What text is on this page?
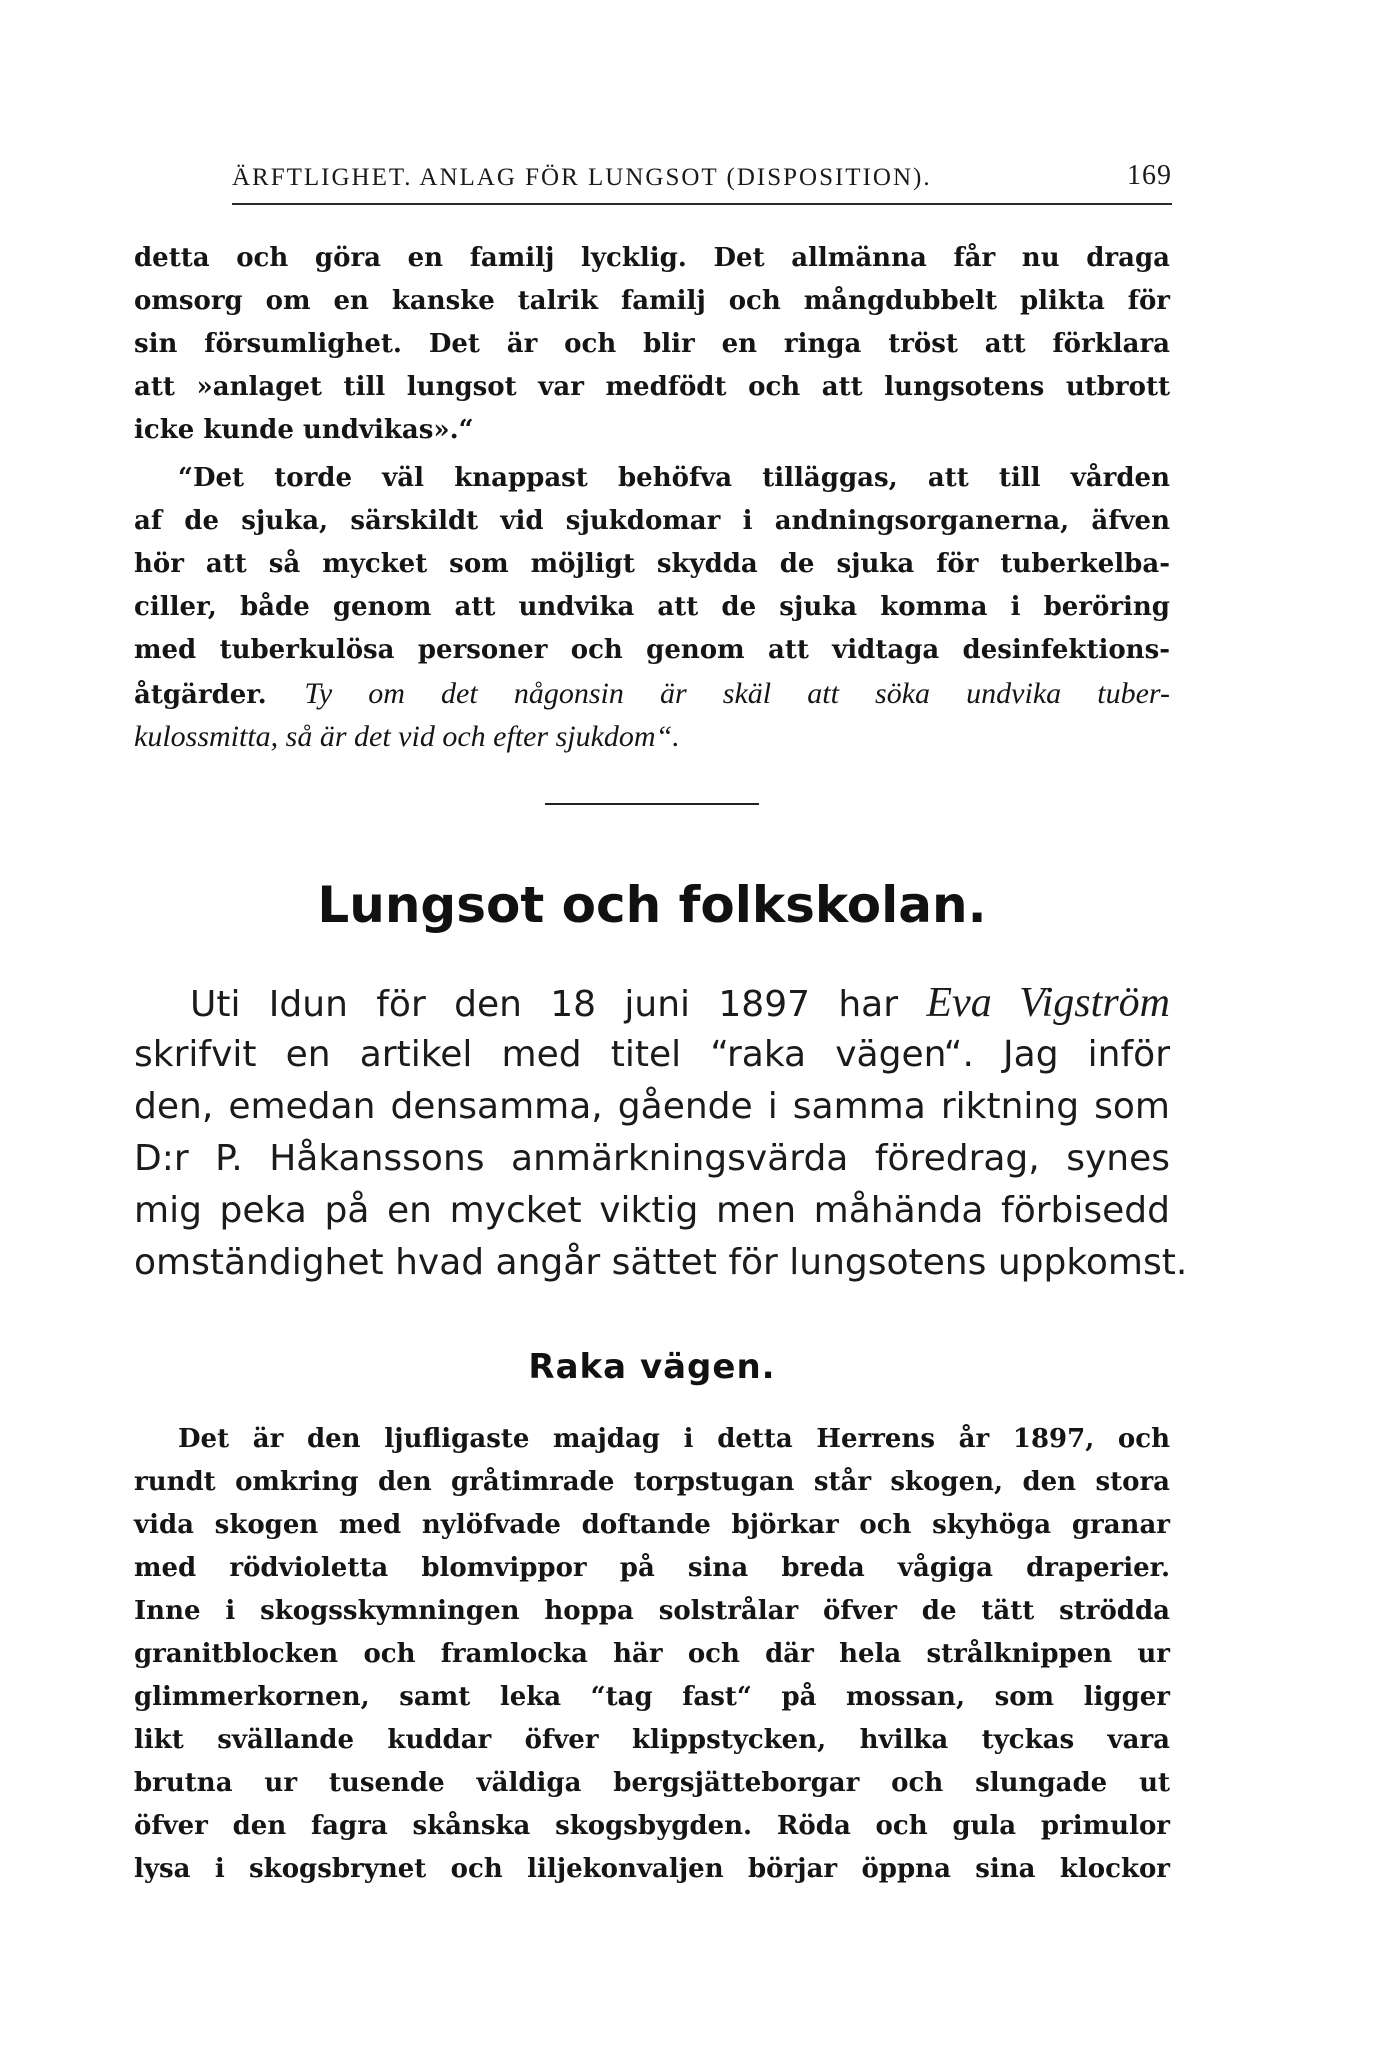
ÄRFTLIGHET. ANLAG FÖR LUNGSOT (DISPOSITION).	169
detta och göra en familj lycklig. Det allmänna får nu draga
omsorg om en kanske talrik familj och mångdubbelt plikta för
sin försumlighet. Det är och blir en ringa tröst att förklara
att »anlaget till lungsot var medfödt och att lungsotens utbrott
icke kunde undvikas».“
“Det torde väl knappast behöfva tilläggas, att till vården
af de sjuka, särskildt vid sjukdomar i andningsorganerna, äfven
hör att så mycket som möjligt skydda de sjuka för tuberkelba-
ciller, både genom att undvika att de sjuka komma i beröring
med tuberkulösa personer och genom att vidtaga desinfektions-
åtgärder. Ty om det någonsin är skäl att söka undvika tuber-
kulossmitta, så är det vid och efter sjukdom“.
Lungsot och folkskolan.
Uti Idun för den 18 juni 1897 har Eva Vigström
skrifvit en artikel med titel “raka vägen“. Jag inför
den, emedan densamma, gående i samma riktning som
D:r P. Håkanssons anmärkningsvärda föredrag, synes
mig peka på en mycket viktig men måhända förbisedd
omständighet hvad angår sättet för lungsotens uppkomst.
Raka vägen.
Det är den ljufligaste majdag i detta Herrens år 1897, och
rundt omkring den gråtimrade torpstugan står skogen, den stora
vida skogen med nylöfvade doftande björkar och skyhöga granar
med rödvioletta blomvippor på sina breda vågiga draperier.
Inne i skogsskymningen hoppa solstrålar öfver de tätt strödda
granitblocken och framlocka här och där hela strålknippen ur
glimmerkornen, samt leka “tag fast“ på mossan, som ligger
likt svällande kuddar öfver klippstycken, hvilka tyckas vara
brutna ur tusende väldiga bergsjätteborgar och slungade ut
öfver den fagra skånska skogsbygden. Röda och gula primulor
lysa i skogsbrynet och liljekonvaljen börjar öppna sina klockor
